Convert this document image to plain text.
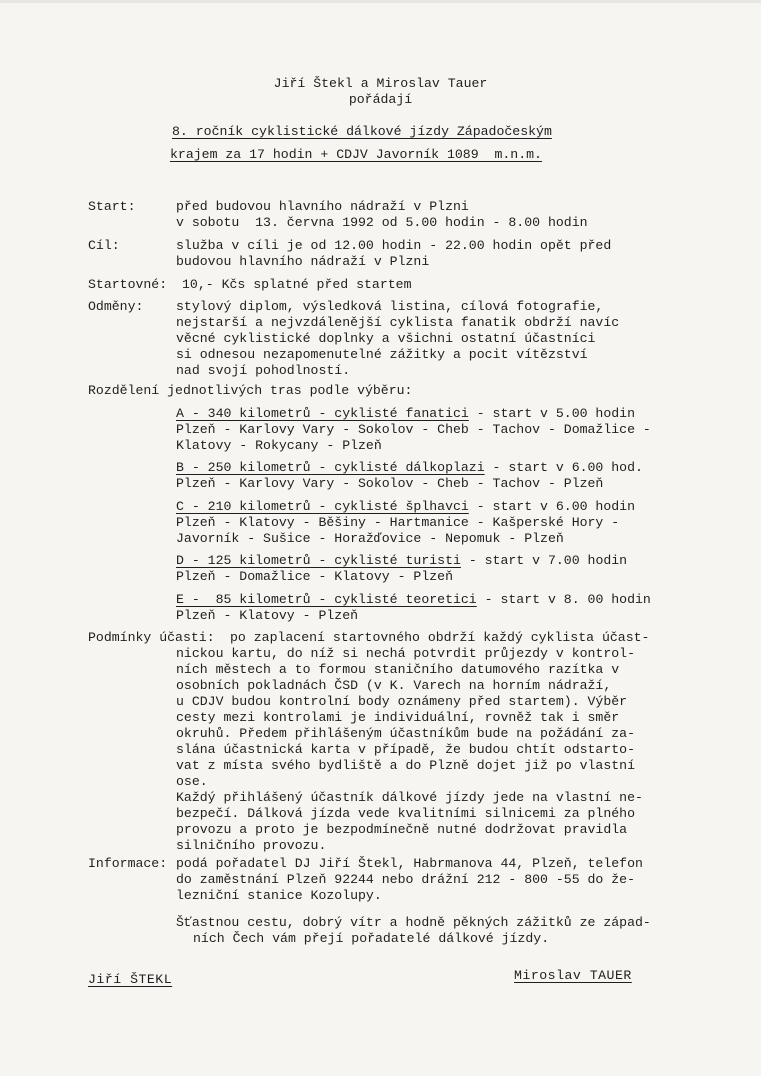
Jiří Štekl a Miroslav Tauer
pořádají
8. ročník cyklistické dálkové jízdy Západočeským
krajem za 17 hodin + CDJV Javorník 1089  m.n.m.
Start:	před budovou hlavního nádraží v Plzni
v sobotu  13. června 1992 od 5.00 hodin - 8.00 hodin
Cíl:	služba v cíli je od 12.00 hodin - 22.00 hodin opět před
budovou hlavního nádraží v Plzni
Startovné: 10,- Kčs splatné před startem
Odměny: stylový diplom, výsledková listina, cílová fotografie,
nejstarší a nejvzdálenější cyklista fanatik obdrží navíc
věcné cyklistické doplnky a všichni ostatní účastníci
si odnesou nezapomenutelné zážitky a pocit vítězství
nad svojí pohodlností.
Rozdělení jednotlivých tras podle výběru:
A - 340 kilometrů - cyklisté fanatici - start v 5.00 hodin
Plzeň - Karlovy Vary - Sokolov - Cheb - Tachov - Domažlice -
Klatovy - Rokycany - Plzeň
B - 250 kilometrů - cyklisté dálkoplazi - start v 6.00 hod.
Plzeň - Karlovy Vary - Sokolov - Cheb - Tachov - Plzeň
C - 210 kilometrů - cyklisté šplhavci - start v 6.00 hodin
Plzeň - Klatovy - Běšiny - Hartmanice - Kašperské Hory -
Javorník - Sušice - Horažďovice - Nepomuk - Plzeň
D - 125 kilometrů - cyklisté turisti - start v 7.00 hodin
Plzeň - Domažlice - Klatovy - Plzeň
E -  85 kilometrů - cyklisté teoretici - start v 8. 00 hodin
Plzeň - Klatovy - Plzeň
Podmínky účasti: po zaplacení startovného obdrží každý cyklista účast-
nickou kartu, do níž si nechá potvrdit průjezdy v kontrol-
ních městech a to formou staničního datumového razítka v
osobních pokladnách ČSD (v K. Varech na horním nádraží,
u CDJV budou kontrolní body oznámeny před startem). Výběr
cesty mezi kontrolami je individuální, rovněž tak i směr
okruhů. Předem přihlášeným účastníkům bude na požádání za-
slána účastnická karta v případě, že budou chtít odstarto-
vat z místa svého bydliště a do Plzně dojet již po vlastní
ose.
Každý přihlášený účastník dálkové jízdy jede na vlastní ne-
bezpečí. Dálková jízda vede kvalitními silnicemi za plného
provozu a proto je bezpodmínečně nutné dodržovat pravidla
silničního provozu.
Informace: podá pořadatel DJ Jiří Štekl, Habrmanova 44, Plzeň, telefon
do zaměstnání Plzeň 92244 nebo drážní 212 - 800 -55 do že-
lezniční stanice Kozolupy.
Šťastnou cestu, dobrý vítr a hodně pěkných zážitků ze západ-
ních Čech vám přejí pořadatelé dálkové jízdy.
Jiří ŠTEKL	Miroslav TAUER
